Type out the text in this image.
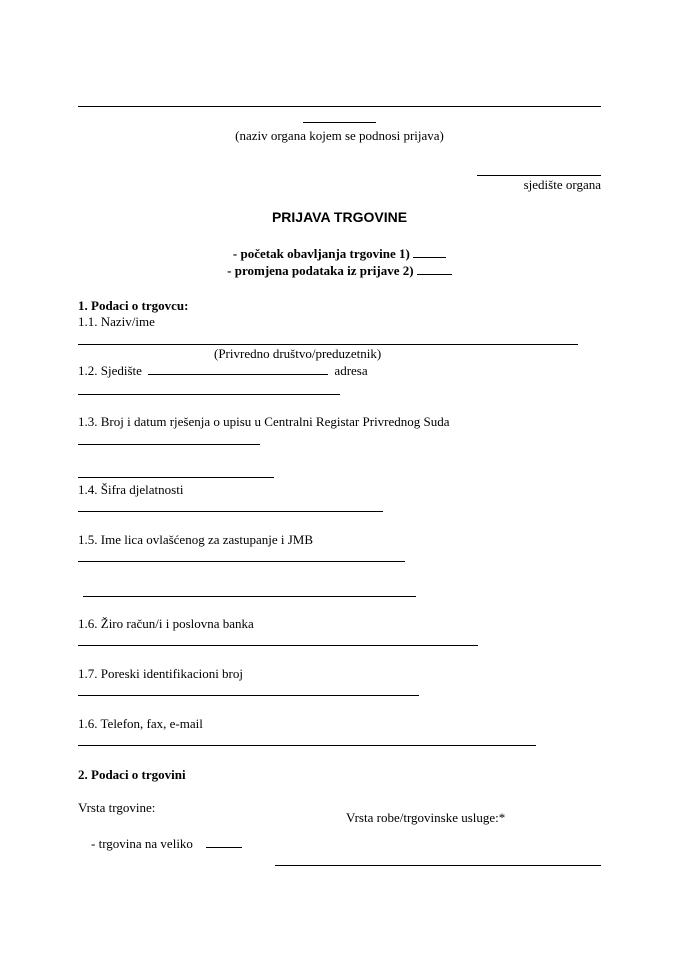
(naziv organa kojem se podnosi prijava)
sjedište organa
PRIJAVA TRGOVINE
- početak obavljanja trgovine 1)
- promjena podataka iz prijave 2)
1. Podaci o trgovcu:
1.1. Naziv/ime
(Privredno društvo/preduzetnik)
1.2. Sjedište	adresa
1.3. Broj i datum rješenja o upisu u Centralni Registar Privrednog Suda
1.4. Šifra djelatnosti
1.5. Ime lica ovlašćenog za zastupanje i JMB
1.6. Žiro račun/i i poslovna banka
1.7. Poreski identifikacioni broj
1.6. Telefon, fax, e-mail
2. Podaci o trgovini
Vrsta trgovine:
Vrsta robe/trgovinske usluge:*
- trgovina na veliko
